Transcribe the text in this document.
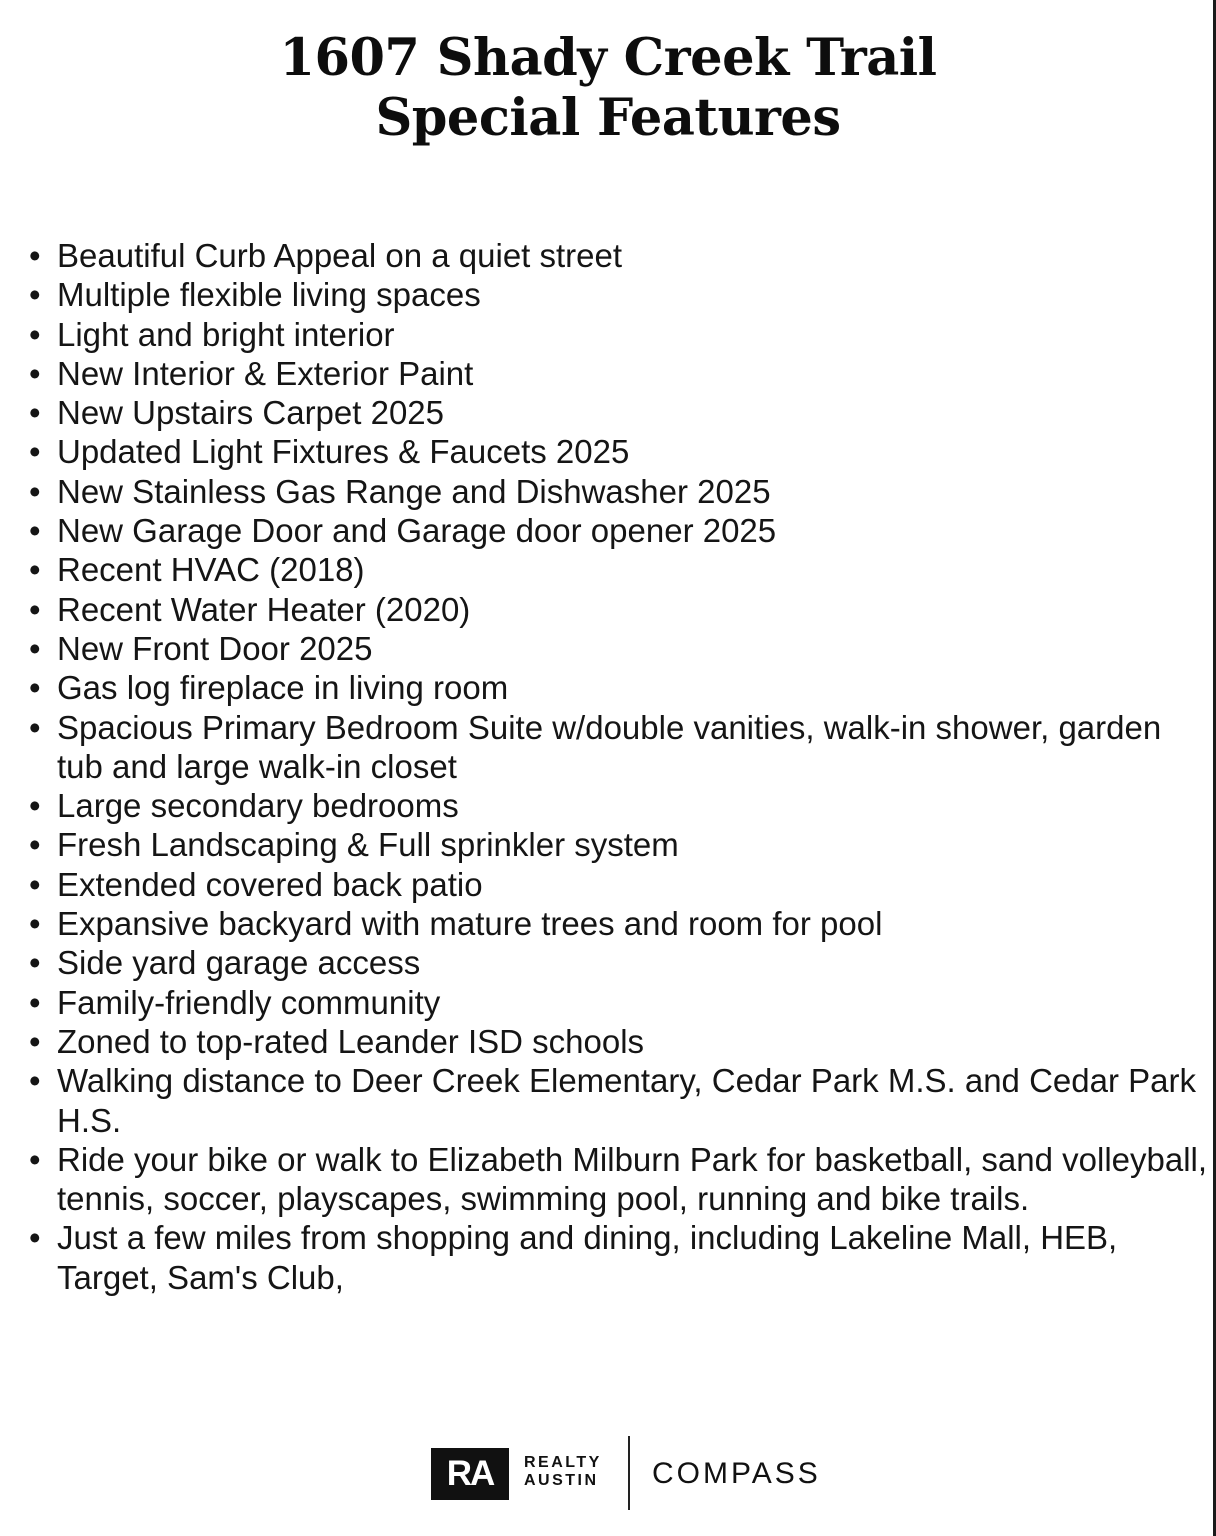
1607 Shady Creek Trail
Special Features
• Beautiful Curb Appeal on a quiet street
• Multiple flexible living spaces
• Light and bright interior
• New Interior & Exterior Paint
• New Upstairs Carpet 2025
• Updated Light Fixtures & Faucets 2025
• New Stainless Gas Range and Dishwasher 2025
• New Garage Door and Garage door opener 2025
• Recent HVAC (2018)
• Recent Water Heater (2020)
• New Front Door 2025
• Gas log fireplace in living room
• Spacious Primary Bedroom Suite w/double vanities, walk-in shower, garden tub and large walk-in closet
• Large secondary bedrooms
• Fresh Landscaping & Full sprinkler system
• Extended covered back patio
• Expansive backyard with mature trees and room for pool
• Side yard garage access
• Family-friendly community
• Zoned to top-rated Leander ISD schools
• Walking distance to Deer Creek Elementary, Cedar Park M.S. and Cedar Park H.S.
• Ride your bike or walk to Elizabeth Milburn Park for basketball, sand volleyball, tennis, soccer, playscapes, swimming pool, running and bike trails.
• Just a few miles from shopping and dining, including Lakeline Mall, HEB, Target, Sam's Club,
RA	REALTY
AUSTIN COMPASS
